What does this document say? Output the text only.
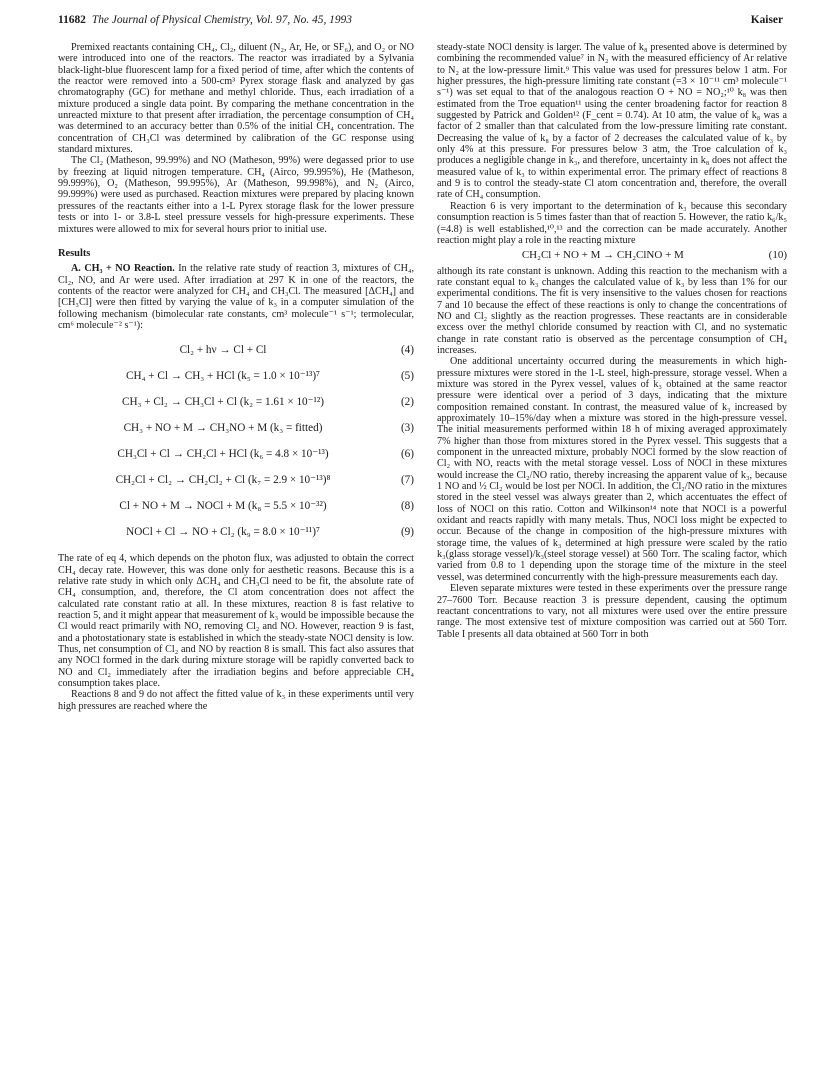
11682 The Journal of Physical Chemistry, Vol. 97, No. 45, 1993	Kaiser

Premixed reactants containing CH₄, Cl₂, diluent (N₂, Ar, He, or SF₆), and O₂ or NO were introduced into one of the reactors. The reactor was irradiated by a Sylvania black-light-blue fluorescent lamp for a fixed period of time, after which the contents of the reactor were removed into a 500-cm³ Pyrex storage flask and analyzed by gas chromatography (GC) for methane and methyl chloride. Thus, each irradiation of a mixture produced a single data point. By comparing the methane concentration in the unreacted mixture to that present after irradiation, the percentage consumption of CH₄ was determined to an accuracy better than 0.5% of the initial CH₄ concentration. The concentration of CH₃Cl was determined by calibration of the GC response using standard mixtures.

The Cl₂ (Matheson, 99.99%) and NO (Matheson, 99%) were degassed prior to use by freezing at liquid nitrogen temperature. CH₄ (Airco, 99.995%), He (Matheson, 99.999%), O₂ (Matheson, 99.995%), Ar (Matheson, 99.998%), and N₂ (Airco, 99.999%) were used as purchased. Reaction mixtures were prepared by placing known pressures of the reactants either into a 1-L Pyrex storage flask for the lower pressure tests or into 1- or 3.8-L steel pressure vessels for high-pressure experiments. These mixtures were allowed to mix for several hours prior to initial use.

Results

A. CH₃ + NO Reaction. In the relative rate study of reaction 3, mixtures of CH₄, Cl₂, NO, and Ar were used. After irradiation at 297 K in one of the reactors, the contents of the reactor were analyzed for CH₄ and CH₃Cl. The measured [ΔCH₄] and [CH₃Cl] were then fitted by varying the value of k₃ in a computer simulation of the following mechanism (bimolecular rate constants, cm³ molecule⁻¹ s⁻¹; termolecular, cm⁶ molecule⁻² s⁻¹):

Cl₂ + hν → Cl + Cl	(4)
CH₄ + Cl → CH₃ + HCl (k₅ = 1.0 × 10⁻¹³)⁷	(5)
CH₃ + Cl₂ → CH₃Cl + Cl (k₂ = 1.61 × 10⁻¹²)	(2)
CH₃ + NO + M → CH₃NO + M (k₃ = fitted)	(3)
CH₃Cl + Cl → CH₂Cl + HCl (k₆ = 4.8 × 10⁻¹³)	(6)
CH₂Cl + Cl₂ → CH₂Cl₂ + Cl (k₇ = 2.9 × 10⁻¹³)⁸	(7)
Cl + NO + M → NOCl + M (k₈ = 5.5 × 10⁻³²)	(8)
NOCl + Cl → NO + Cl₂ (k₉ = 8.0 × 10⁻¹¹)⁷	(9)

The rate of eq 4, which depends on the photon flux, was adjusted to obtain the correct CH₄ decay rate. However, this was done only for aesthetic reasons. Because this is a relative rate study in which only ΔCH₄ and CH₃Cl need to be fit, the absolute rate of CH₄ consumption, and, therefore, the Cl atom concentration does not affect the calculated rate constant ratio at all. In these mixtures, reaction 8 is fast relative to reaction 5, and it might appear that measurement of k₃ would be impossible because the Cl would react primarily with NO, removing Cl₂ and NO. However, reaction 9 is fast, and a photostationary state is established in which the steady-state NOCl density is low. Thus, net consumption of Cl₂ and NO by reaction 8 is small. This fact also assures that any NOCl formed in the dark during mixture storage will be rapidly converted back to NO and Cl₂ immediately after the irradiation begins and before appreciable CH₄ consumption takes place.

Reactions 8 and 9 do not affect the fitted value of k₃ in these experiments until very high pressures are reached where the

steady-state NOCl density is larger. The value of k₈ presented above is determined by combining the recommended value⁷ in N₂ with the measured efficiency of Ar relative to N₂ at the low-pressure limit.⁹ This value was used for pressures below 1 atm. For higher pressures, the high-pressure limiting rate constant (=3 × 10⁻¹¹ cm³ molecule⁻¹ s⁻¹) was set equal to that of the analogous reaction O + NO = NO₂;¹⁰ k₈ was then estimated from the Troe equation¹¹ using the center broadening factor for reaction 8 suggested by Patrick and Golden¹² (F_cent = 0.74). At 10 atm, the value of k₈ was a factor of 2 smaller than that calculated from the low-pressure limiting rate constant. Decreasing the value of k₈ by a factor of 2 decreases the calculated value of k₃ by only 4% at this pressure. For pressures below 3 atm, the Troe calculation of k₃ produces a negligible change in k₃, and therefore, uncertainty in k₈ does not affect the measured value of k₃ to within experimental error. The primary effect of reactions 8 and 9 is to control the steady-state Cl atom concentration and, therefore, the overall rate of CH₄ consumption.

Reaction 6 is very important to the determination of k₃ because this secondary consumption reaction is 5 times faster than that of reaction 5. However, the ratio k₆/k₅ (=4.8) is well established,¹⁰,¹³ and the correction can be made accurately. Another reaction might play a role in the reacting mixture

CH₂Cl + NO + M → CH₂ClNO + M	(10)

although its rate constant is unknown. Adding this reaction to the mechanism with a rate constant equal to k₃ changes the calculated value of k₃ by less than 1% for our experimental conditions. The fit is very insensitive to the values chosen for reactions 7 and 10 because the effect of these reactions is only to change the concentrations of NO and Cl₂ slightly as the reaction progresses. These reactants are in considerable excess over the methyl chloride consumed by reaction with Cl, and no systematic change in rate constant ratio is observed as the percentage consumption of CH₄ increases.

One additional uncertainty occurred during the measurements in which high-pressure mixtures were stored in the 1-L steel, high-pressure, storage vessel. When a mixture was stored in the Pyrex vessel, values of k₃ obtained at the same reactor pressure were identical over a period of 3 days, indicating that the mixture composition remained constant. In contrast, the measured value of k₃ increased by approximately 10–15%/day when a mixture was stored in the high-pressure vessel. The initial measurements performed within 18 h of mixing averaged approximately 7% higher than those from mixtures stored in the Pyrex vessel. This suggests that a component in the unreacted mixture, probably NOCl formed by the slow reaction of Cl₂ with NO, reacts with the metal storage vessel. Loss of NOCl in these mixtures would increase the Cl₂/NO ratio, thereby increasing the apparent value of k₃, because 1 NO and ½ Cl₂ would be lost per NOCl. In addition, the Cl₂/NO ratio in the mixtures stored in the steel vessel was always greater than 2, which accentuates the effect of loss of NOCl on this ratio. Cotton and Wilkinson¹⁴ note that NOCl is a powerful oxidant and reacts rapidly with many metals. Thus, NOCl loss might be expected to occur. Because of the change in composition of the high-pressure mixtures with storage time, the values of k₃ determined at high pressure were scaled by the ratio k₃(glass storage vessel)/k₃(steel storage vessel) at 560 Torr. The scaling factor, which varied from 0.8 to 1 depending upon the storage time of the mixture in the steel vessel, was determined concurrently with the high-pressure measurements each day.

Eleven separate mixtures were tested in these experiments over the pressure range 27–7600 Torr. Because reaction 3 is pressure dependent, causing the optimum reactant concentrations to vary, not all mixtures were used over the entire pressure range. The most extensive test of mixture composition was carried out at 560 Torr. Table I presents all data obtained at 560 Torr in both
